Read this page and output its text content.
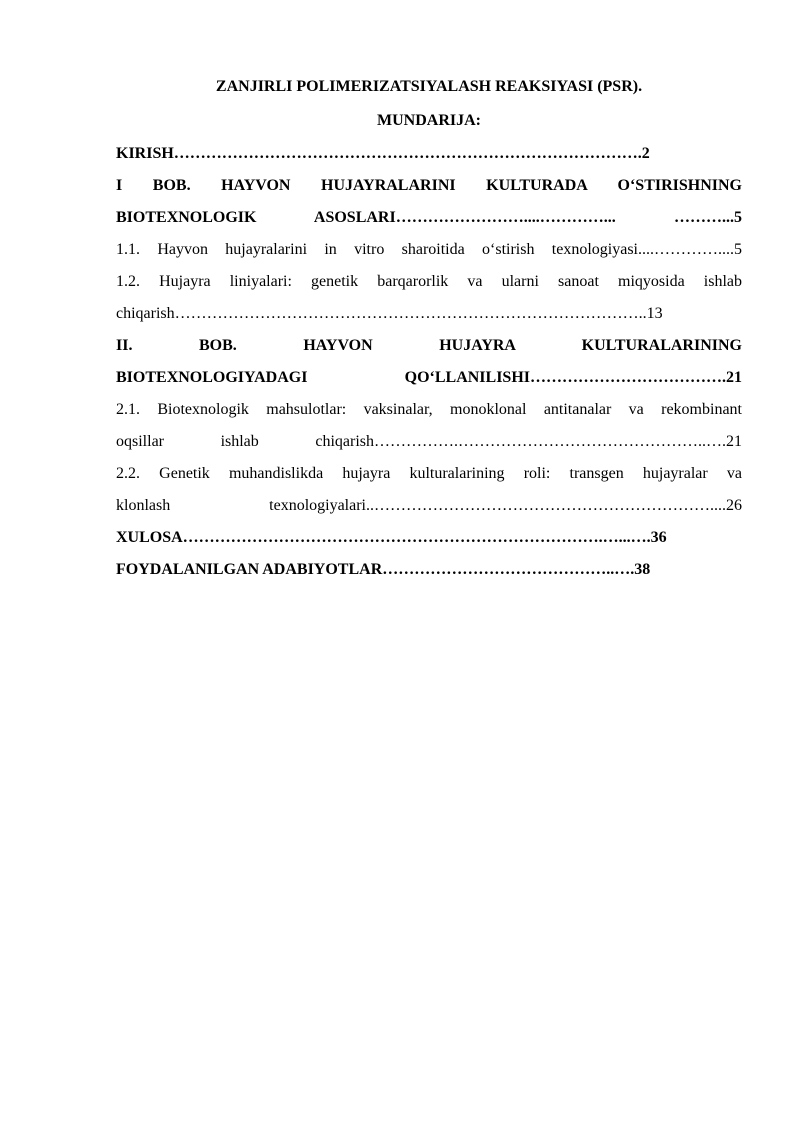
ZANJIRLI POLIMERIZATSIYALASH REAKSIYASI (PSR).

MUNDARIJA:

KIRISH…………………………………………………………………………….2

I BOB. HAYVON HUJAYRALARINI KULTURADA O‘STIRISHNING
BIOTEXNOLOGIK ASOSLARI……………………....…………... ………...5

1.1. Hayvon hujayralarini in vitro sharoitida o‘stirish texnologiyasi....…………....5

1.2. Hujayra liniyalari: genetik barqarorlik va ularni sanoat miqyosida ishlab
chiqarish……………………………………………………………………………..13

II. BOB. HAYVON HUJAYRA KULTURALARINING
BIOTEXNOLOGIYADAGI QO‘LLANILISHI……………………………….21

2.1. Biotexnologik mahsulotlar: vaksinalar, monoklonal antitanalar va rekombinant
oqsillar ishlab chiqarish…………….………………………………………..….21

2.2. Genetik muhandislikda hujayra kulturalarining roli: transgen hujayralar va
klonlash texnologiyalari..………………………………………………………....26

XULOSA…………………………………………………………………….…...….36

FOYDALANILGAN ADABIYOTLAR……………………………………..….38
